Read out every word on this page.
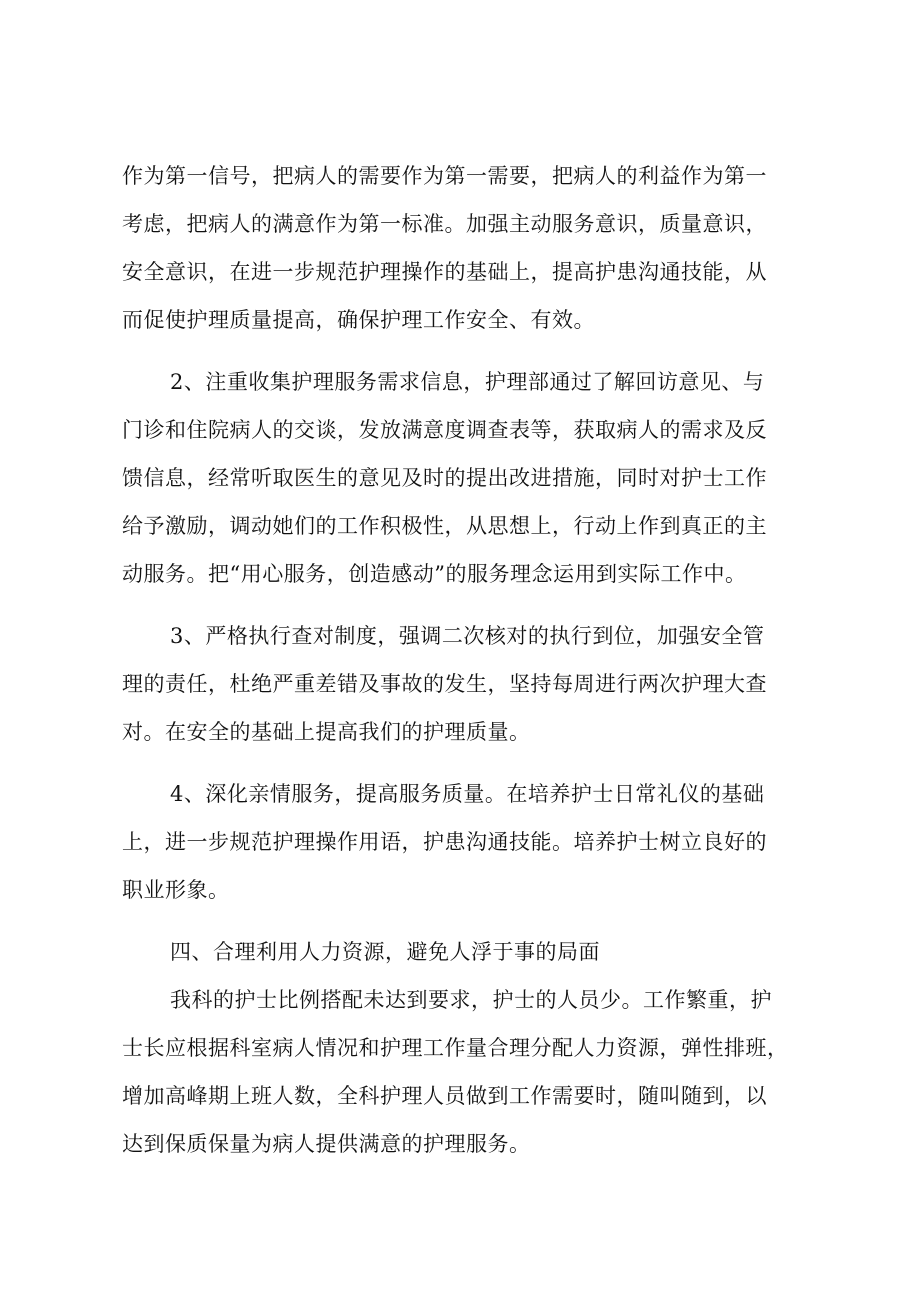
作为第一信号，把病人的需要作为第一需要，把病人的利益作为第一
考虑，把病人的满意作为第一标准。加强主动服务意识，质量意识，
安全意识，在进一步规范护理操作的基础上，提高护患沟通技能，从
而促使护理质量提高，确保护理工作安全、有效。
2、注重收集护理服务需求信息，护理部通过了解回访意见、与
门诊和住院病人的交谈，发放满意度调查表等，获取病人的需求及反
馈信息，经常听取医生的意见及时的提出改进措施，同时对护士工作
给予激励，调动她们的工作积极性，从思想上，行动上作到真正的主
动服务。把“用心服务，创造感动”的服务理念运用到实际工作中。
3、严格执行查对制度，强调二次核对的执行到位，加强安全管
理的责任，杜绝严重差错及事故的发生，坚持每周进行两次护理大查
对。在安全的基础上提高我们的护理质量。
4、深化亲情服务，提高服务质量。在培养护士日常礼仪的基础
上，进一步规范护理操作用语，护患沟通技能。培养护士树立良好的
职业形象。
四、合理利用人力资源，避免人浮于事的局面
我科的护士比例搭配未达到要求，护士的人员少。工作繁重，护
士长应根据科室病人情况和护理工作量合理分配人力资源，弹性排班，
增加高峰期上班人数，全科护理人员做到工作需要时，随叫随到，以
达到保质保量为病人提供满意的护理服务。
